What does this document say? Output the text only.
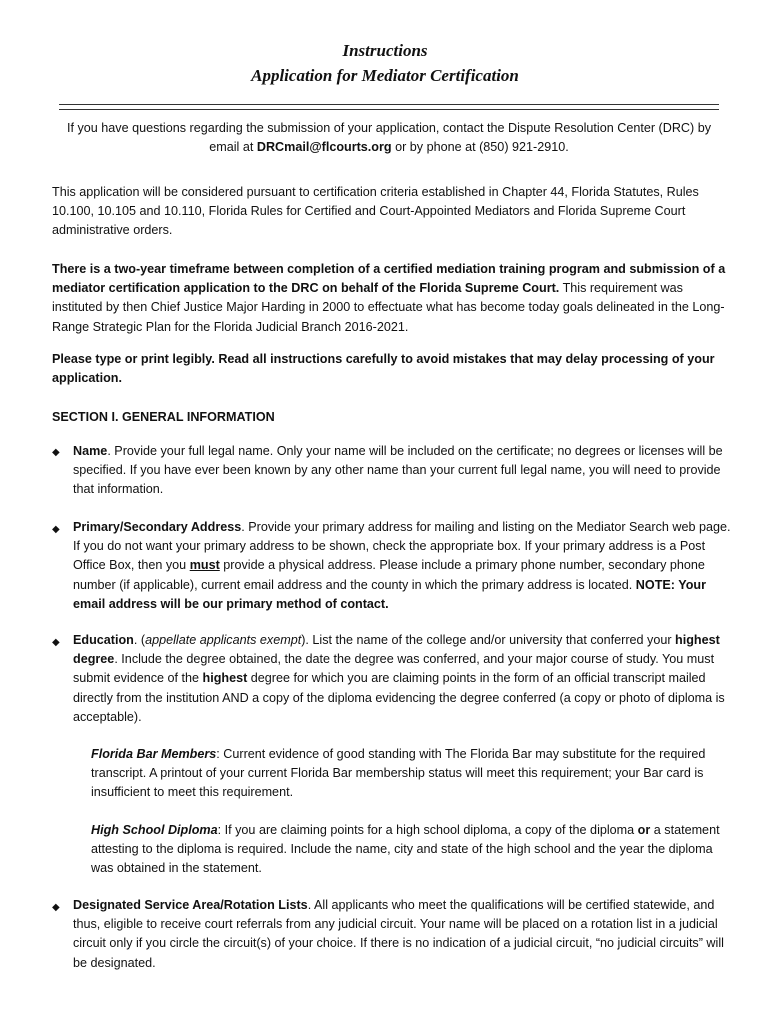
Instructions
Application for Mediator Certification
If you have questions regarding the submission of your application, contact the Dispute Resolution Center (DRC) by email at DRCmail@flcourts.org or by phone at (850) 921-2910.
This application will be considered pursuant to certification criteria established in Chapter 44, Florida Statutes, Rules 10.100, 10.105 and 10.110, Florida Rules for Certified and Court-Appointed Mediators and Florida Supreme Court administrative orders.
There is a two-year timeframe between completion of a certified mediation training program and submission of a mediator certification application to the DRC on behalf of the Florida Supreme Court. This requirement was instituted by then Chief Justice Major Harding in 2000 to effectuate what has become today goals delineated in the Long-Range Strategic Plan for the Florida Judicial Branch 2016-2021.
Please type or print legibly. Read all instructions carefully to avoid mistakes that may delay processing of your application.
SECTION I. GENERAL INFORMATION
◆ Name. Provide your full legal name. Only your name will be included on the certificate; no degrees or licenses will be specified. If you have ever been known by any other name than your current full legal name, you will need to provide that information.
◆ Primary/Secondary Address. Provide your primary address for mailing and listing on the Mediator Search web page. If you do not want your primary address to be shown, check the appropriate box. If your primary address is a Post Office Box, then you must provide a physical address. Please include a primary phone number, secondary phone number (if applicable), current email address and the county in which the primary address is located. NOTE: Your email address will be our primary method of contact.
◆ Education. (appellate applicants exempt). List the name of the college and/or university that conferred your highest degree. Include the degree obtained, the date the degree was conferred, and your major course of study. You must submit evidence of the highest degree for which you are claiming points in the form of an official transcript mailed directly from the institution AND a copy of the diploma evidencing the degree conferred (a copy or photo of diploma is acceptable).
Florida Bar Members: Current evidence of good standing with The Florida Bar may substitute for the required transcript. A printout of your current Florida Bar membership status will meet this requirement; your Bar card is insufficient to meet this requirement.
High School Diploma: If you are claiming points for a high school diploma, a copy of the diploma or a statement attesting to the diploma is required. Include the name, city and state of the high school and the year the diploma was obtained in the statement.
◆ Designated Service Area/Rotation Lists. All applicants who meet the qualifications will be certified statewide, and thus, eligible to receive court referrals from any judicial circuit. Your name will be placed on a rotation list in a judicial circuit only if you circle the circuit(s) of your choice. If there is no indication of a judicial circuit, “no judicial circuits” will be designated.
